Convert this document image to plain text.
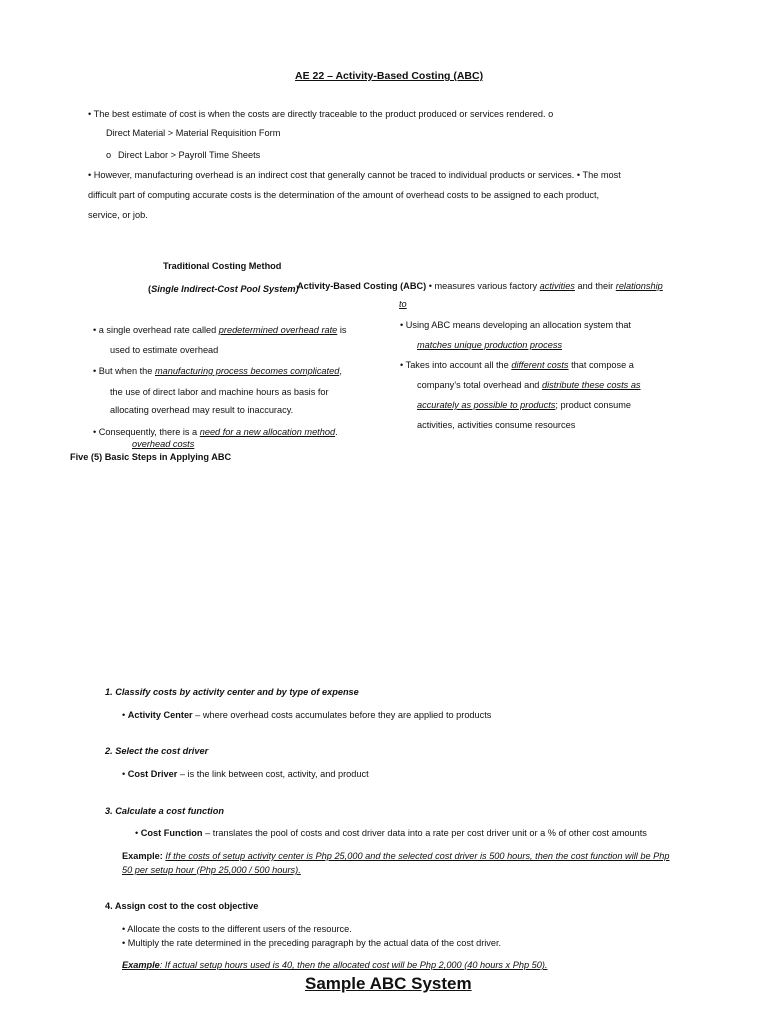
AE 22 – Activity-Based Costing (ABC)
• The best estimate of cost is when the costs are directly traceable to the product produced or services rendered. o
Direct Material > Material Requisition Form
o Direct Labor > Payroll Time Sheets
• However, manufacturing overhead is an indirect cost that generally cannot be traced to individual products or services. • The most
difficult part of computing accurate costs is the determination of the amount of overhead costs to be assigned to each product,
service, or job.
Traditional Costing Method
(Single Indirect-Cost Pool System)
• a single overhead rate called predetermined overhead rate is
used to estimate overhead
• But when the manufacturing process becomes complicated,
the use of direct labor and machine hours as basis for
allocating overhead may result to inaccuracy.
• Consequently, there is a need for a new allocation method.
overhead costs
Activity-Based Costing (ABC) • measures various factory activities and their relationship
to
• Using ABC means developing an allocation system that
matches unique production process
• Takes into account all the different costs that compose a
company’s total overhead and distribute these costs as
accurately as possible to products; product consume
activities, activities consume resources
Five (5) Basic Steps in Applying ABC
1. Classify costs by activity center and by type of expense
• Activity Center – where overhead costs accumulates before they are applied to products
2. Select the cost driver
• Cost Driver – is the link between cost, activity, and product
3. Calculate a cost function
• Cost Function – translates the pool of costs and cost driver data into a rate per cost driver unit or a % of other cost amounts
Example: If the costs of setup activity center is Php 25,000 and the selected cost driver is 500 hours, then the cost function will be Php
50 per setup hour (Php 25,000 / 500 hours).
4. Assign cost to the cost objective
• Allocate the costs to the different users of the resource.
• Multiply the rate determined in the preceding paragraph by the actual data of the cost driver.
Example: If actual setup hours used is 40, then the allocated cost will be Php 2,000 (40 hours x Php 50).
Sample ABC System
